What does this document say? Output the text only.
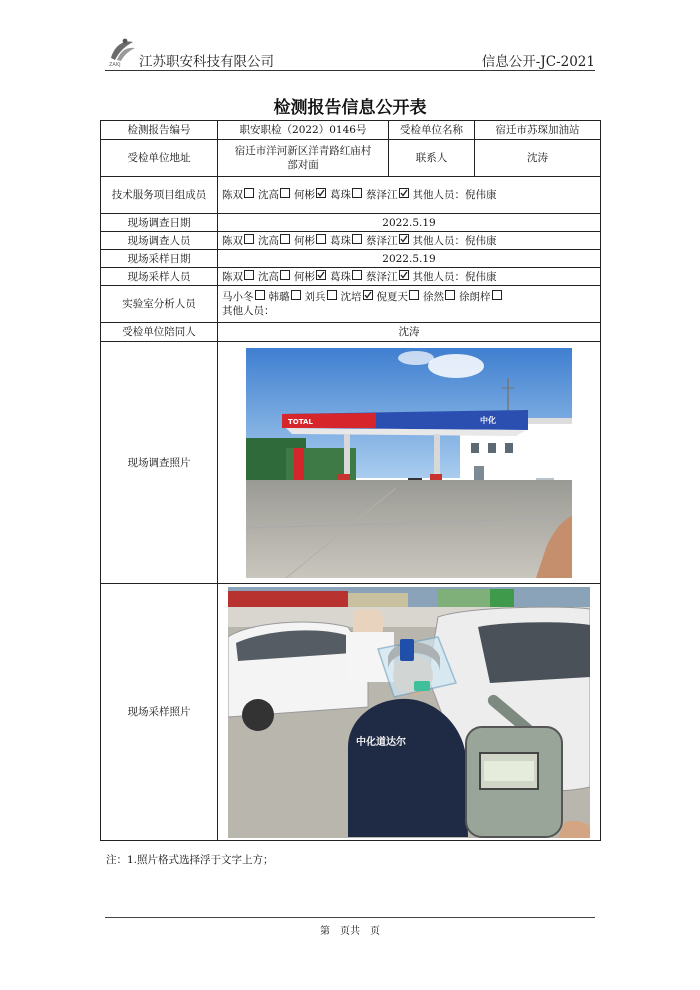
ZAKJ 江苏职安科技有限公司	信息公开-JC-2021
检测报告信息公开表
检测报告编号	职安职检（2022）0146号	受检单位名称	宿迁市苏琛加油站
受检单位地址	宿迁市洋河新区洋青路红庙村部对面	联系人	沈涛
技术服务项目组成员	陈双 沈高 何彬 葛珠 蔡泽江 其他人员：倪伟康		
现场调查日期	2022.5.19		
现场调查人员	陈双 沈高 何彬 葛珠 蔡泽江 其他人员：倪伟康		
现场采样日期	2022.5.19		
现场采样人员	陈双 沈高 何彬 葛珠 蔡泽江 其他人员：倪伟康		
实验室分析人员	马小冬 韩璐 刘兵 沈培 倪夏天 徐然 徐朗梓
其他人员：		

受检单位陪同人	沈涛		
现场调查照片	TOTAL 中化		

现场采样照片	中化道达尔		
注：1.照片格式选择浮于文字上方；
第　页共　页
